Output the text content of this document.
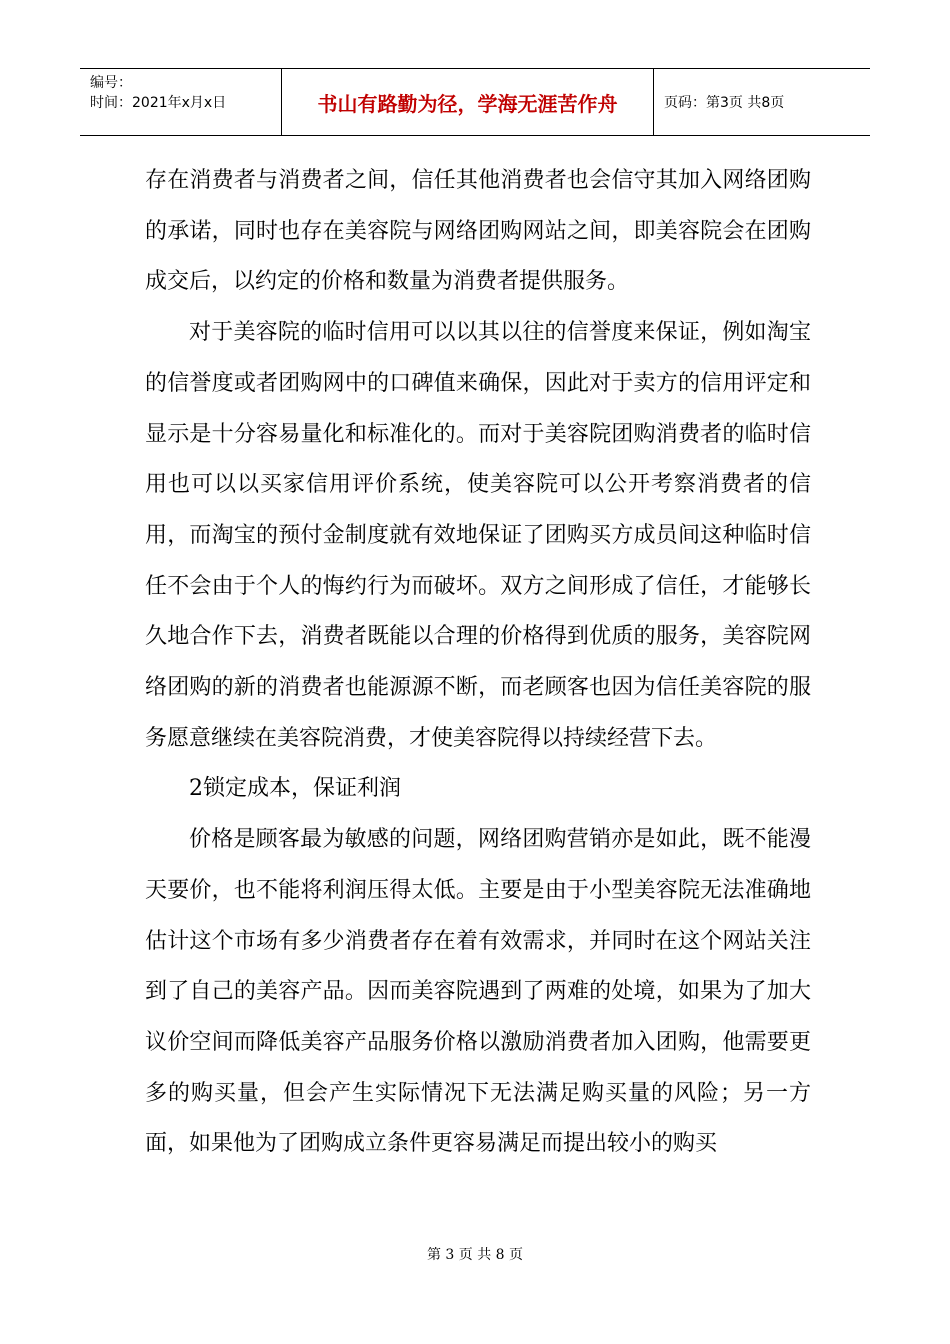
编号：
时间：2021年x月x日	书山有路勤为径，学海无涯苦作舟	页码：第3页 共8页

存在消费者与消费者之间，信任其他消费者也会信守其加入网络团购的承诺，同时也存在美容院与网络团购网站之间，即美容院会在团购成交后，以约定的价格和数量为消费者提供服务。

对于美容院的临时信用可以以其以往的信誉度来保证，例如淘宝的信誉度或者团购网中的口碑值来确保，因此对于卖方的信用评定和显示是十分容易量化和标准化的。而对于美容院团购消费者的临时信用也可以以买家信用评价系统，使美容院可以公开考察消费者的信用，而淘宝的预付金制度就有效地保证了团购买方成员间这种临时信任不会由于个人的悔约行为而破坏。双方之间形成了信任，才能够长久地合作下去，消费者既能以合理的价格得到优质的服务，美容院网络团购的新的消费者也能源源不断，而老顾客也因为信任美容院的服务愿意继续在美容院消费，才使美容院得以持续经营下去。

2锁定成本，保证利润

价格是顾客最为敏感的问题，网络团购营销亦是如此，既不能漫天要价，也不能将利润压得太低。主要是由于小型美容院无法准确地估计这个市场有多少消费者存在着有效需求，并同时在这个网站关注到了自己的美容产品。因而美容院遇到了两难的处境，如果为了加大议价空间而降低美容产品服务价格以激励消费者加入团购，他需要更多的购买量，但会产生实际情况下无法满足购买量的风险；另一方面，如果他为了团购成立条件更容易满足而提出较小的购买

第 3 页 共 8 页
